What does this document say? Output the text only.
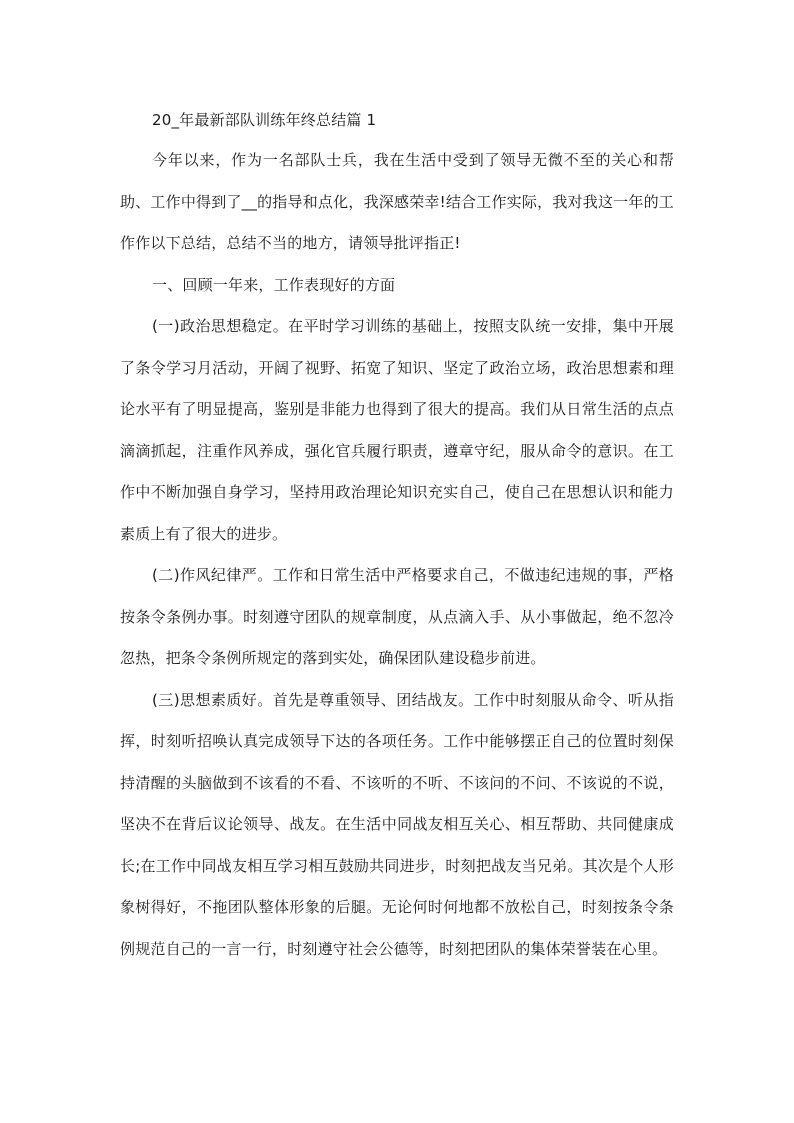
20_年最新部队训练年终总结篇 1

今年以来，作为一名部队士兵，我在生活中受到了领导无微不至的关心和帮助、工作中得到了__的指导和点化，我深感荣幸!结合工作实际，我对我这一年的工作作以下总结，总结不当的地方，请领导批评指正!

一、回顾一年来，工作表现好的方面

(一)政治思想稳定。在平时学习训练的基础上，按照支队统一安排，集中开展了条令学习月活动，开阔了视野、拓宽了知识、坚定了政治立场，政治思想素和理论水平有了明显提高，鉴别是非能力也得到了很大的提高。我们从日常生活的点点滴滴抓起，注重作风养成，强化官兵履行职责，遵章守纪，服从命令的意识。在工作中不断加强自身学习，坚持用政治理论知识充实自己，使自己在思想认识和能力素质上有了很大的进步。

(二)作风纪律严。工作和日常生活中严格要求自己，不做违纪违规的事，严格按条令条例办事。时刻遵守团队的规章制度，从点滴入手、从小事做起，绝不忽冷忽热，把条令条例所规定的落到实处，确保团队建设稳步前进。

(三)思想素质好。首先是尊重领导、团结战友。工作中时刻服从命令、听从指挥，时刻听招唤认真完成领导下达的各项任务。工作中能够摆正自己的位置时刻保持清醒的头脑做到不该看的不看、不该听的不听、不该问的不问、不该说的不说，坚决不在背后议论领导、战友。在生活中同战友相互关心、相互帮助、共同健康成长;在工作中同战友相互学习相互鼓励共同进步，时刻把战友当兄弟。其次是个人形象树得好，不拖团队整体形象的后腿。无论何时何地都不放松自己，时刻按条令条例规范自己的一言一行，时刻遵守社会公德等，时刻把团队的集体荣誉装在心里。
